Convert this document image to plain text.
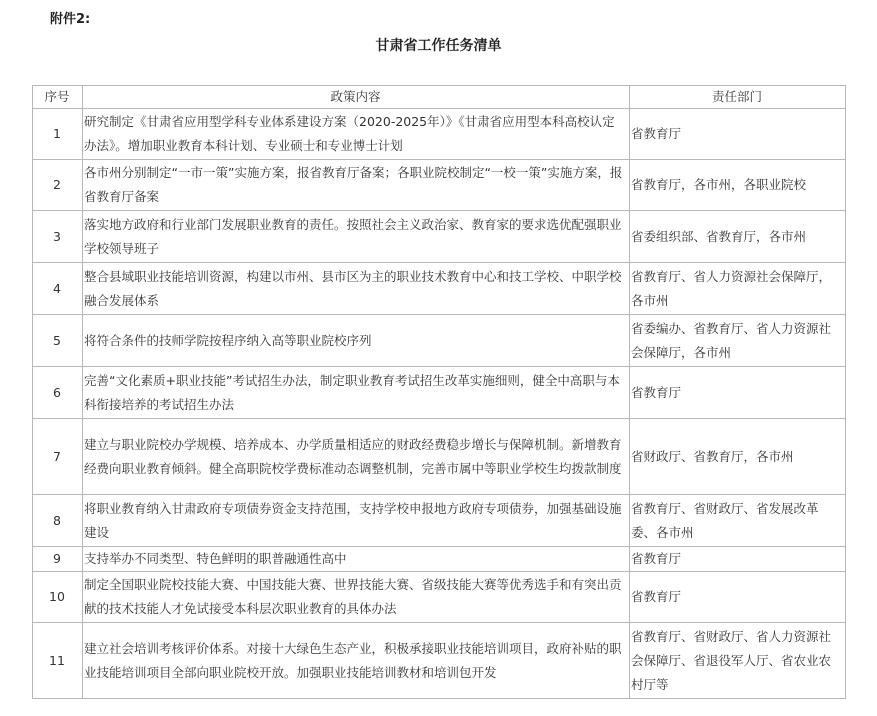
附件2:
甘肃省工作任务清单
序号	政策内容	责任部门
1	研究制定《甘肃省应用型学科专业体系建设方案（2020-2025年）》《甘肃省应用型本科高校认定办法》。增加职业教育本科计划、专业硕士和专业博士计划	省教育厅
2	各市州分别制定“一市一策”实施方案，报省教育厅备案；各职业院校制定“一校一策”实施方案，报省教育厅备案	省教育厅，各市州，各职业院校
3	落实地方政府和行业部门发展职业教育的责任。按照社会主义政治家、教育家的要求选优配强职业学校领导班子	省委组织部、省教育厅，各市州
4	整合县域职业技能培训资源，构建以市州、县市区为主的职业技术教育中心和技工学校、中职学校融合发展体系	省教育厅、省人力资源社会保障厅，各市州
5	将符合条件的技师学院按程序纳入高等职业院校序列	省委编办、省教育厅、省人力资源社会保障厅，各市州
6	完善“文化素质+职业技能”考试招生办法，制定职业教育考试招生改革实施细则，健全中高职与本科衔接培养的考试招生办法	省教育厅
7	建立与职业院校办学规模、培养成本、办学质量相适应的财政经费稳步增长与保障机制。新增教育经费向职业教育倾斜。健全高职院校学费标准动态调整机制，完善市属中等职业学校生均拨款制度	省财政厅、省教育厅，各市州
8	将职业教育纳入甘肃政府专项债券资金支持范围，支持学校申报地方政府专项债券，加强基础设施建设	省教育厅、省财政厅、省发展改革委、各市州
9	支持举办不同类型、特色鲜明的职普融通性高中	省教育厅
10	制定全国职业院校技能大赛、中国技能大赛、世界技能大赛、省级技能大赛等优秀选手和有突出贡献的技术技能人才免试接受本科层次职业教育的具体办法	省教育厅
11	建立社会培训考核评价体系。对接十大绿色生态产业，积极承接职业技能培训项目，政府补贴的职业技能培训项目全部向职业院校开放。加强职业技能培训教材和培训包开发	省教育厅、省财政厅、省人力资源社会保障厅、省退役军人厅、省农业农村厅等
